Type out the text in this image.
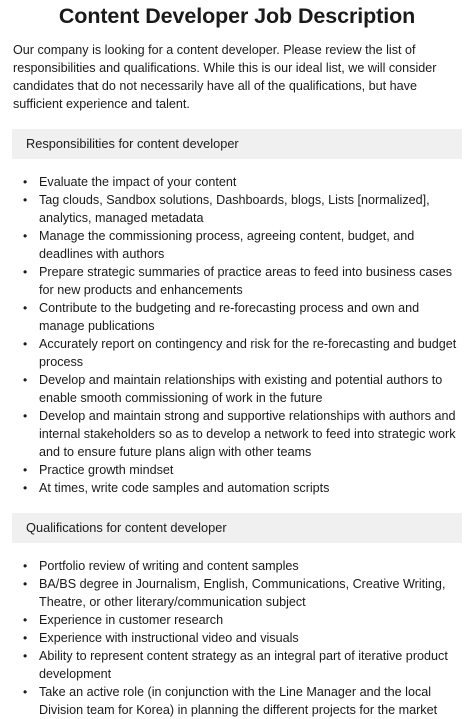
Content Developer Job Description

Our company is looking for a content developer. Please review the list of responsibilities and qualifications. While this is our ideal list, we will consider candidates that do not necessarily have all of the qualifications, but have sufficient experience and talent.

Responsibilities for content developer
• Evaluate the impact of your content
• Tag clouds, Sandbox solutions, Dashboards, blogs, Lists [normalized], analytics, managed metadata
• Manage the commissioning process, agreeing content, budget, and deadlines with authors
• Prepare strategic summaries of practice areas to feed into business cases for new products and enhancements
• Contribute to the budgeting and re-forecasting process and own and manage publications
• Accurately report on contingency and risk for the re-forecasting and budget process
• Develop and maintain relationships with existing and potential authors to enable smooth commissioning of work in the future
• Develop and maintain strong and supportive relationships with authors and internal stakeholders so as to develop a network to feed into strategic work and to ensure future plans align with other teams
• Practice growth mindset
• At times, write code samples and automation scripts
Qualifications for content developer
• Portfolio review of writing and content samples
• BA/BS degree in Journalism, English, Communications, Creative Writing, Theatre, or other literary/communication subject
• Experience in customer research
• Experience with instructional video and visuals
• Ability to represent content strategy as an integral part of iterative product development
• Take an active role (in conjunction with the Line Manager and the local Division team for Korea) in planning the different projects for the market
